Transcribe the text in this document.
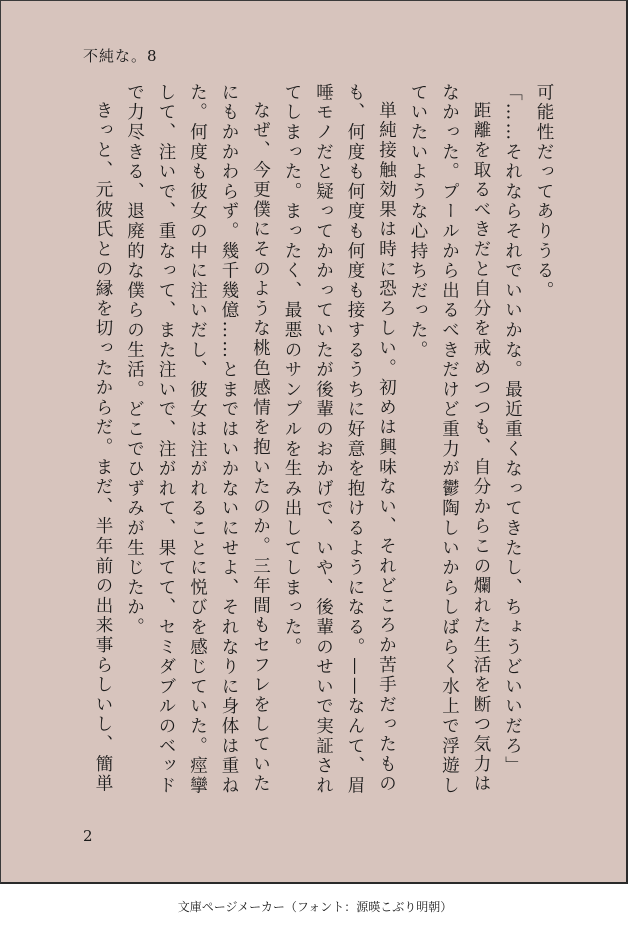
不純な。8

可能性だってありうる。

「……それならそれでいいかな。最近重くなってきたし、ちょうどいいだろ」

距離を取るべきだと自分を戒めつつも、自分からこの爛れた生活を断つ気力はなかった。プールから出るべきだけど重力が鬱陶しいからしばらく水上で浮遊していたいような心持ちだった。

単純接触効果は時に恐ろしい。初めは興味ない、それどころか苦手だったものも、何度も何度も何度も接するうちに好意を抱けるようになる。——なんて、眉唾モノだと疑ってかかっていたが後輩のおかげで、いや、後輩のせいで実証されてしまった。まったく、最悪のサンプルを生み出してしまった。

なぜ、今更僕にそのような桃色感情を抱いたのか。三年間もセフレをしていたにもかかわらず。幾千幾億……とまではいかないにせよ、それなりに身体は重ねた。何度も彼女の中に注いだし、彼女は注がれることに悦びを感じていた。痙攣して、注いで、重なって、また注いで、注がれて、果てて、セミダブルのベッドで力尽きる、退廃的な僕らの生活。どこでひずみが生じたか。

きっと、元彼氏との縁を切ったからだ。まだ、半年前の出来事らしいし、簡単

2
文庫ページメーカー（フォント：源暎こぶり明朝）
